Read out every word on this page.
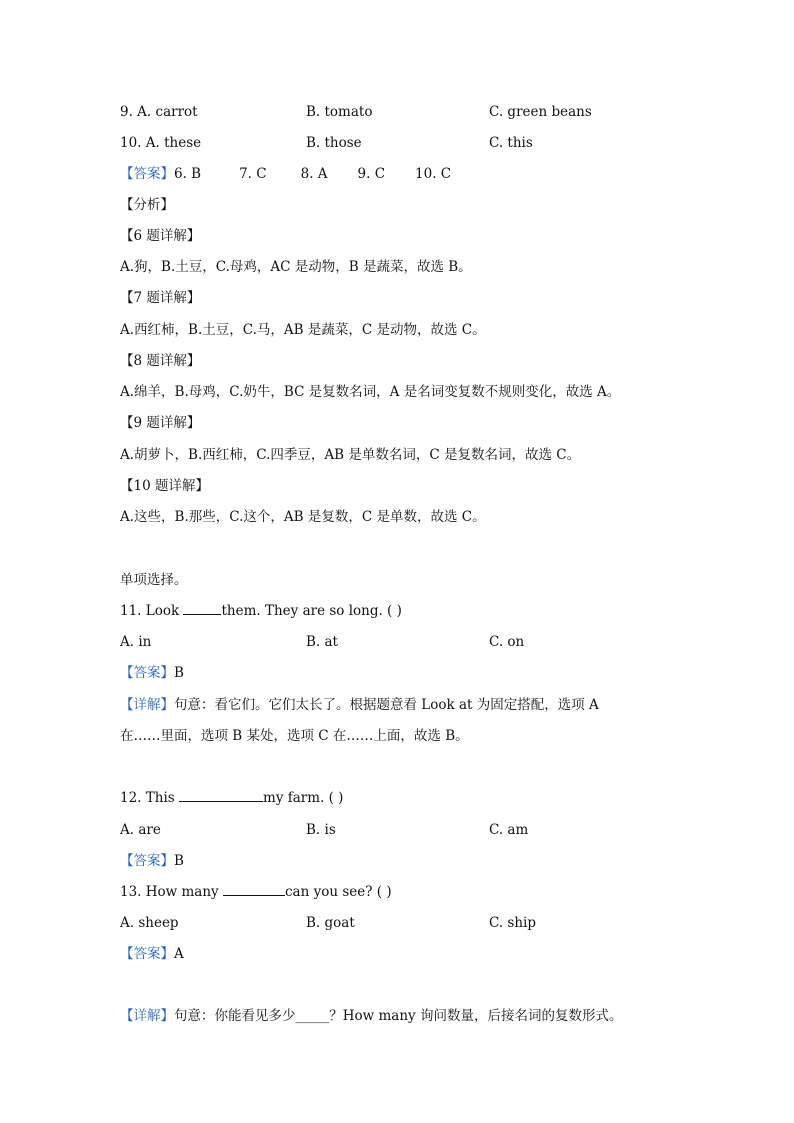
9. A. carrot	B. tomato	C. green beans
10. A. these	B. those	C. this
【答案】6. B	7. C	8. A 9. C 10. C
【分析】
【6 题详解】
A.狗，B.土豆，C.母鸡，AC 是动物，B 是蔬菜，故选 B。
【7 题详解】
A.西红柿，B.土豆，C.马，AB 是蔬菜，C 是动物，故选 C。
【8 题详解】
A.绵羊，B.母鸡，C.奶牛，BC 是复数名词，A 是名词变复数不规则变化，故选 A。
【9 题详解】
A.胡萝卜，B.西红柿，C.四季豆，AB 是单数名词，C 是复数名词，故选 C。
【10 题详解】
A.这些，B.那些，C.这个，AB 是复数，C 是单数，故选 C。
单项选择。
11. Look	them. They are so long. ( )
A. in	B. at	C. on
【答案】B
【详解】句意：看它们。它们太长了。根据题意看 Look at 为固定搭配，选项 A
在……里面，选项 B 某处，选项 C 在……上面，故选 B。
12. This	my farm. ( )
A. are	B. is	C. am
【答案】B
13. How many	can you see? ( )
A. sheep	B. goat	C. ship
【答案】A
【详解】句意：你能看见多少_____？How many 询问数量，后接名词的复数形式。
